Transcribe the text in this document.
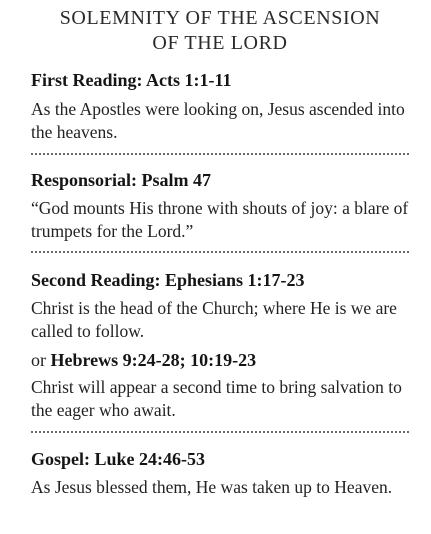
SOLEMNITY OF THE ASCENSION
OF THE LORD

First Reading: Acts 1:1-11

As the Apostles were looking on, Jesus ascended into the heavens.

Responsorial: Psalm 47

“God mounts His throne with shouts of joy: a blare of trumpets for the Lord.”

Second Reading: Ephesians 1:17-23

Christ is the head of the Church; where He is we are called to follow.

or Hebrews 9:24-28; 10:19-23

Christ will appear a second time to bring salvation to the eager who await.

Gospel: Luke 24:46-53

As Jesus blessed them, He was taken up to Heaven.
